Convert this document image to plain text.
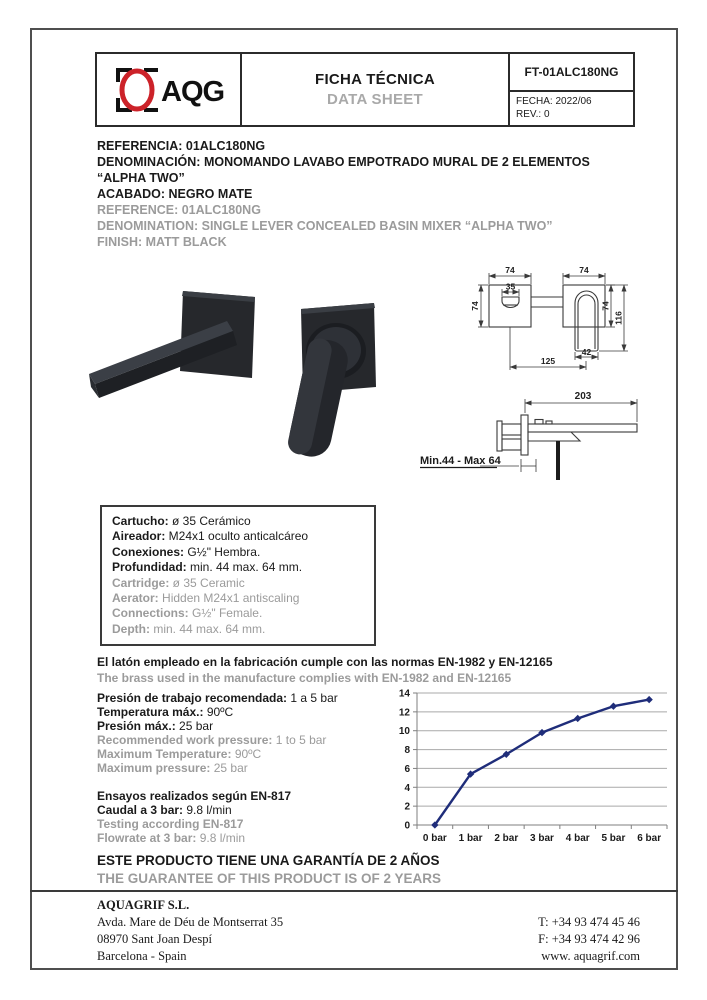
AQG	FICHA TÉCNICA
DATA SHEET
FT-01ALC180NG
FECHA: 2022/06
REV.: 0
REFERENCIA: 01ALC180NG
DENOMINACIÓN: MONOMANDO LAVABO EMPOTRADO MURAL DE 2 ELEMENTOS
“ALPHA TWO”
ACABADO: NEGRO MATE
REFERENCE: 01ALC180NG
DENOMINATION: SINGLE LEVER CONCEALED BASIN MIXER “ALPHA TWO”
FINISH: MATT BLACK
74	74
35
74	74
116
42
125
203
Min.44 - Max 64
Cartucho: ø 35 Cerámico
Aireador: M24x1 oculto anticalcáreo
Conexiones: G½" Hembra.
Profundidad: min. 44 max. 64 mm.
Cartridge: ø 35 Ceramic
Aerator: Hidden M24x1 antiscaling
Connections: G½" Female.
Depth: min. 44 max. 64 mm.
El latón empleado en la fabricación cumple con las normas EN-1982 y EN-12165
The brass used in the manufacture complies with EN-1982 and EN-12165
Presión de trabajo recomendada: 1 a 5 bar
Temperatura máx.: 90ºC
Presión máx.: 25 bar
Recommended work pressure: 1 to 5 bar
Maximum Temperature: 90ºC
Maximum pressure: 25 bar
Ensayos realizados según EN-817
Caudal a 3 bar: 9.8 l/min
Testing according EN-817
Flowrate at 3 bar: 9.8 l/min
0
2
4
6
8
10
12
14
0 bar 1 bar 2 bar 3 bar 4 bar 5 bar 6 bar
ESTE PRODUCTO TIENE UNA GARANTÍA DE 2 AÑOS
THE GUARANTEE OF THIS PRODUCT IS OF 2 YEARS
AQUAGRIF S.L.
Avda. Mare de Déu de Montserrat 35
08970 Sant Joan Despí
Barcelona - Spain
T: +34 93 474 45 46
F: +34 93 474 42 96
www. aquagrif.com
